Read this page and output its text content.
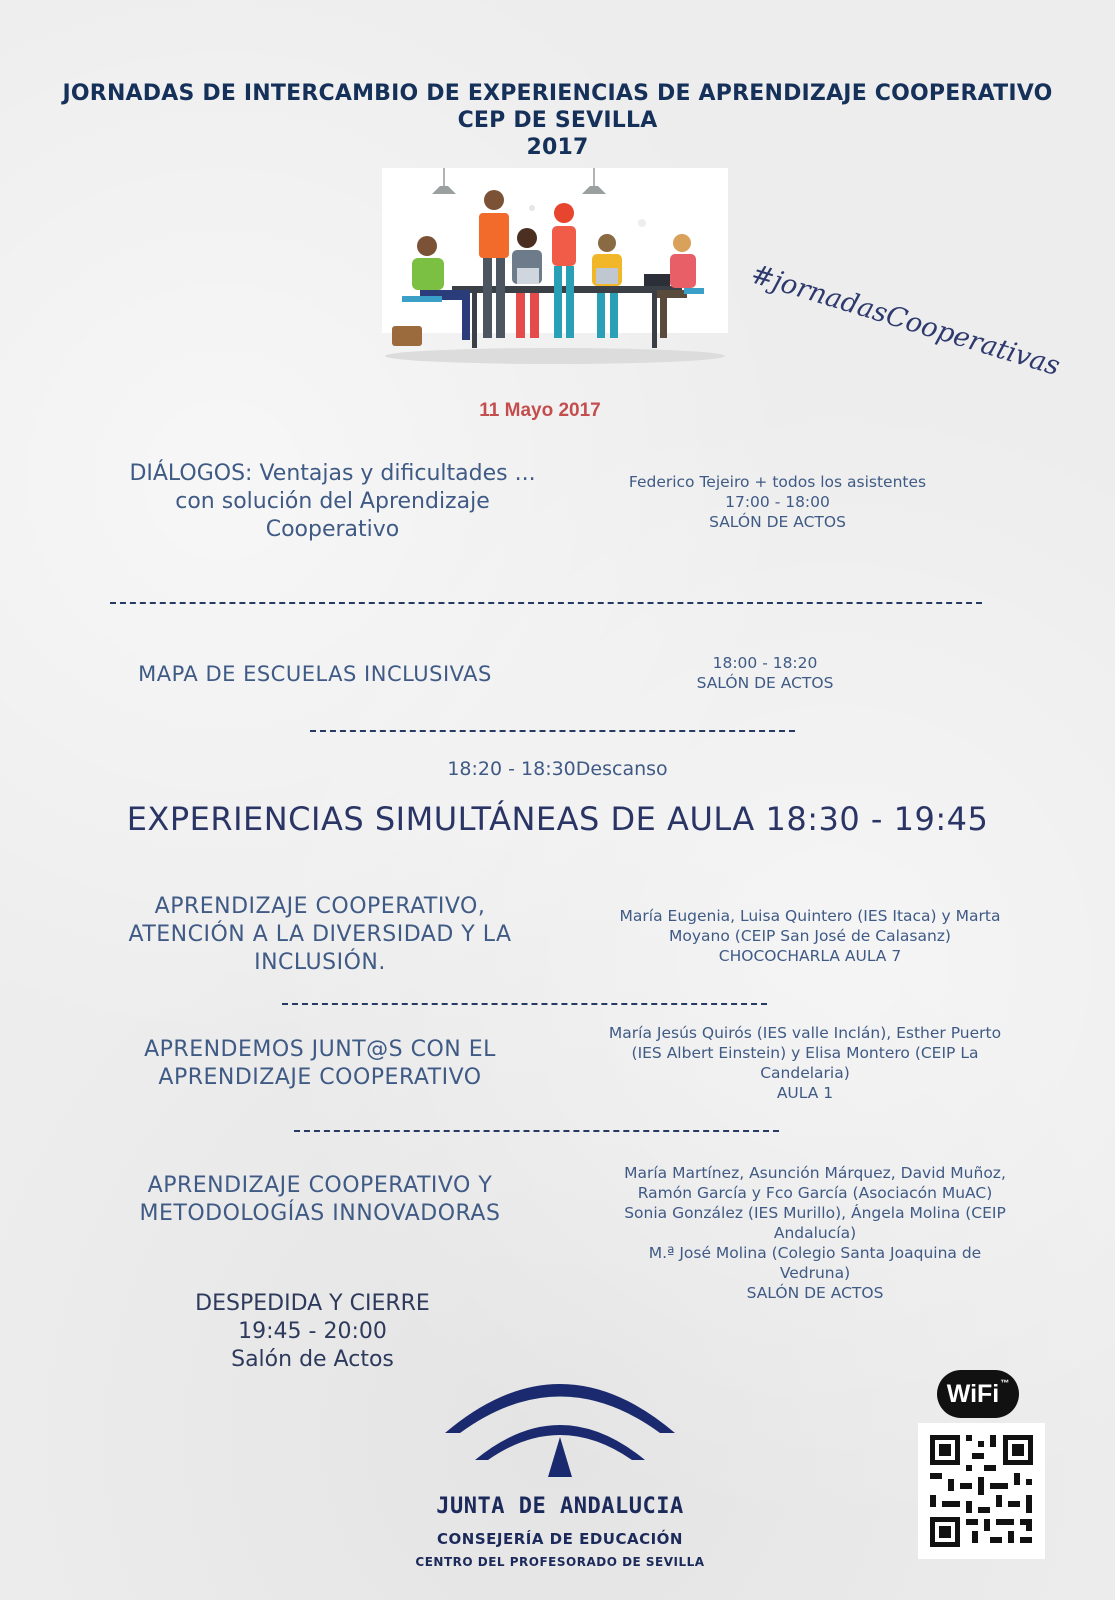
JORNADAS DE INTERCAMBIO DE EXPERIENCIAS DE APRENDIZAJE COOPERATIVO
CEP DE SEVILLA
2017
#jornadasCooperativas
11 Mayo 2017
DIÁLOGOS: Ventajas y dificultades ...
con solución del Aprendizaje
Cooperativo
Federico Tejeiro + todos los asistentes
17:00 - 18:00
SALÓN DE ACTOS
MAPA DE ESCUELAS INCLUSIVAS	18:00 - 18:20
SALÓN DE ACTOS
18:20 - 18:30Descanso
EXPERIENCIAS SIMULTÁNEAS DE AULA 18:30 - 19:45
APRENDIZAJE COOPERATIVO,
ATENCIÓN A LA DIVERSIDAD Y LA
INCLUSIÓN.
María Eugenia, Luisa Quintero (IES Itaca) y Marta
Moyano (CEIP San José de Calasanz)
CHOCOCHARLA AULA 7
APRENDEMOS JUNT@S CON EL
APRENDIZAJE COOPERATIVO
María Jesús Quirós (IES valle Inclán), Esther Puerto
(IES Albert Einstein) y Elisa Montero (CEIP La
Candelaria)
AULA 1
APRENDIZAJE COOPERATIVO Y
METODOLOGÍAS INNOVADORAS
María Martínez, Asunción Márquez, David Muñoz,
Ramón García y Fco García (Asociacón MuAC)
Sonia González (IES Murillo), Ángela Molina (CEIP
Andalucía)
M.ª José Molina (Colegio Santa Joaquina de
Vedruna)
SALÓN DE ACTOS
DESPEDIDA Y CIERRE
19:45 - 20:00
Salón de Actos
JUNTA DE ANDALUCIA
CONSEJERÍA DE EDUCACIÓN
CENTRO DEL PROFESORADO DE SEVILLA
WiFi ™
